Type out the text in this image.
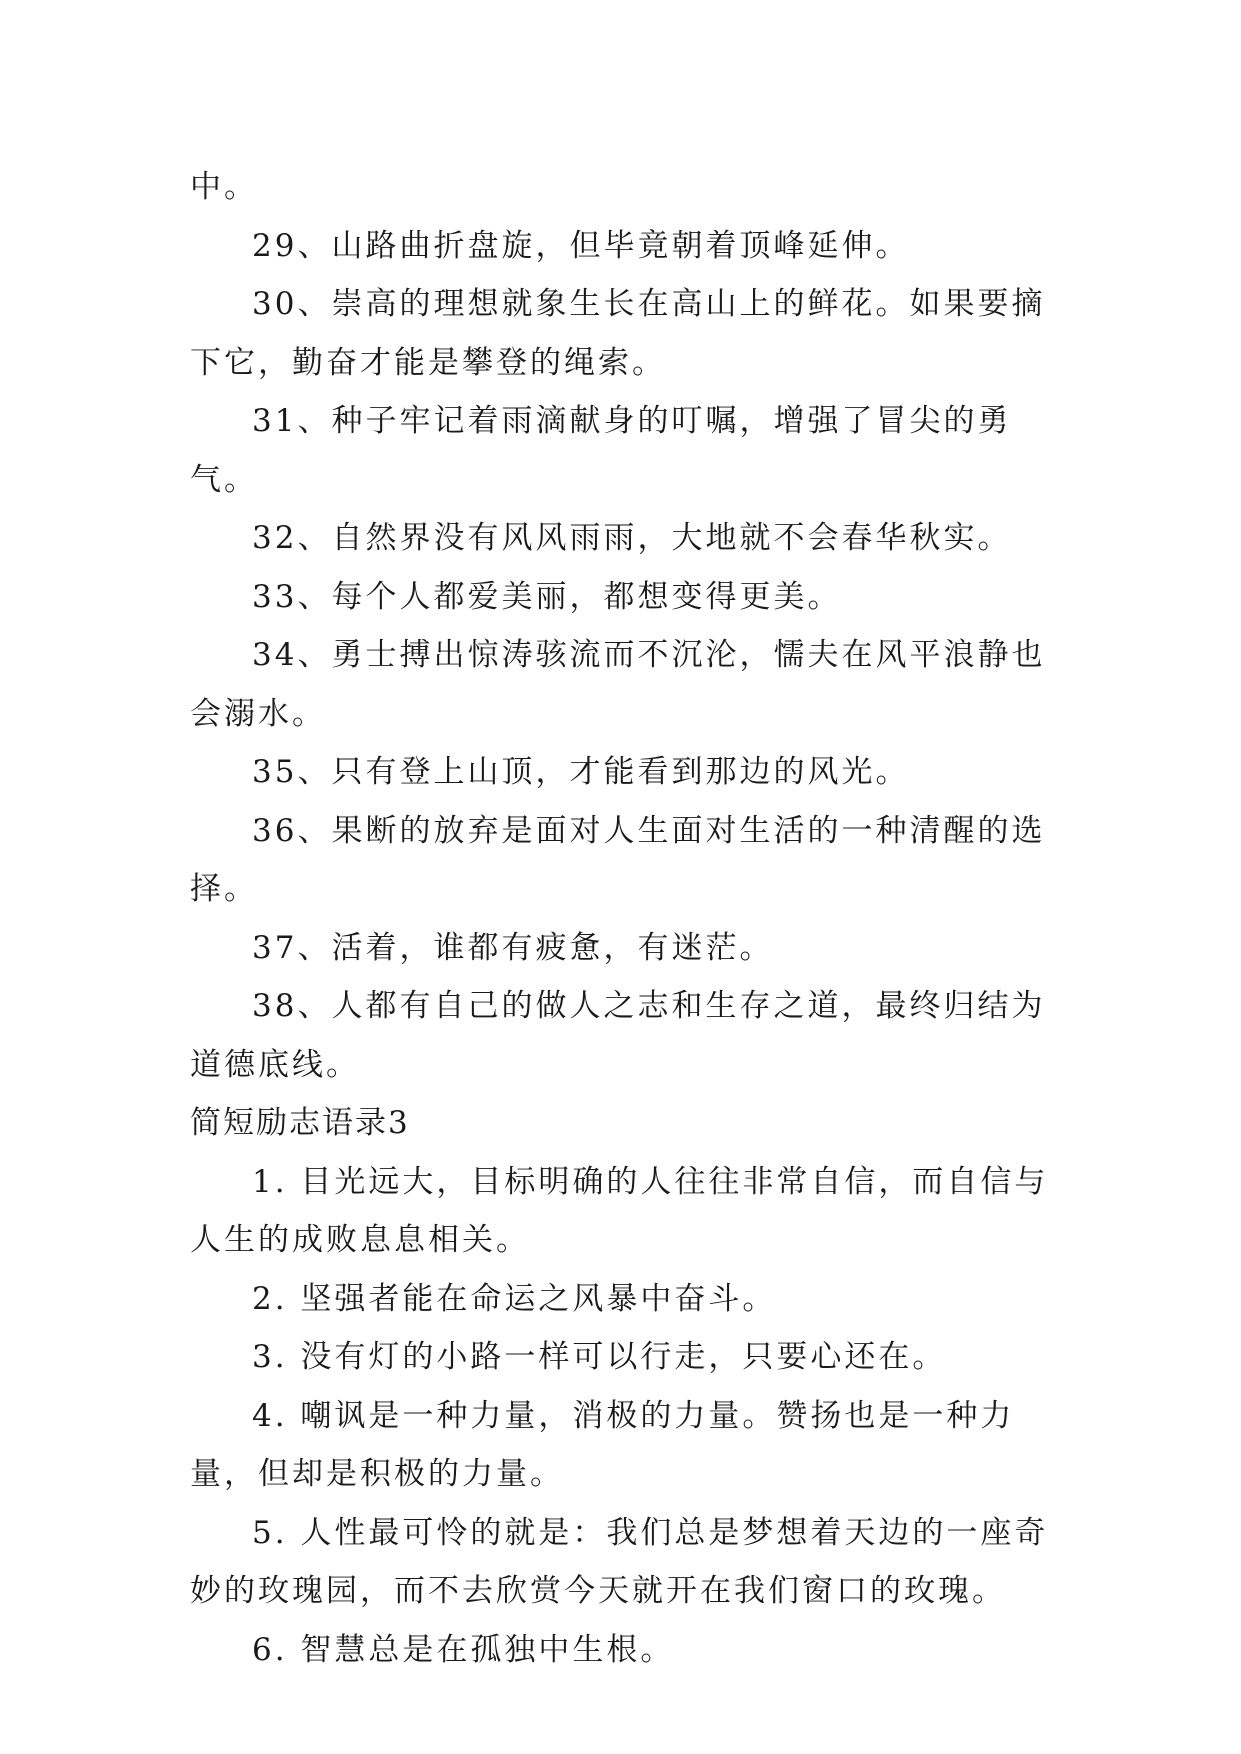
中。

29、山路曲折盘旋，但毕竟朝着顶峰延伸。

30、崇高的理想就象生长在高山上的鲜花。如果要摘下它，勤奋才能是攀登的绳索。

31、种子牢记着雨滴献身的叮嘱，增强了冒尖的勇气。

32、自然界没有风风雨雨，大地就不会春华秋实。

33、每个人都爱美丽，都想变得更美。

34、勇士搏出惊涛骇流而不沉沦，懦夫在风平浪静也会溺水。

35、只有登上山顶，才能看到那边的风光。

36、果断的放弃是面对人生面对生活的一种清醒的选择。

37、活着，谁都有疲惫，有迷茫。

38、人都有自己的做人之志和生存之道，最终归结为道德底线。

简短励志语录3

1. 目光远大，目标明确的人往往非常自信，而自信与人生的成败息息相关。

2. 坚强者能在命运之风暴中奋斗。

3. 没有灯的小路一样可以行走，只要心还在。

4. 嘲讽是一种力量，消极的力量。赞扬也是一种力量，但却是积极的力量。

5. 人性最可怜的就是：我们总是梦想着天边的一座奇妙的玫瑰园，而不去欣赏今天就开在我们窗口的玫瑰。

6. 智慧总是在孤独中生根。
